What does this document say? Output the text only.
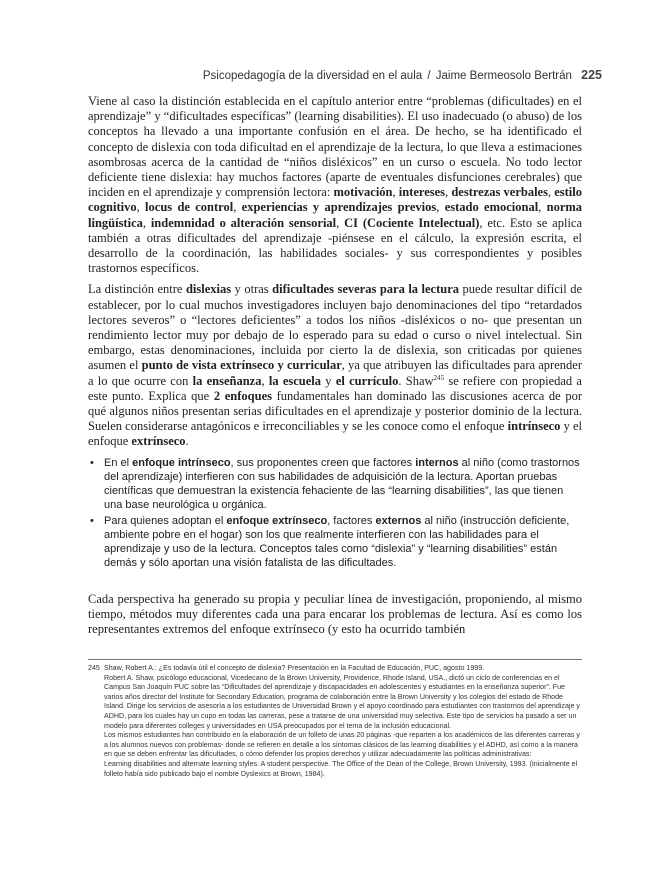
Psicopedagogía de la diversidad en el aula / Jaime Bermeosolo Bertrán 225

Viene al caso la distinción establecida en el capítulo anterior entre “problemas (dificultades) en el aprendizaje” y “dificultades específicas” (learning disabilities). El uso inadecuado (o abuso) de los conceptos ha llevado a una importante confusión en el área. De hecho, se ha identificado el concepto de dislexia con toda dificultad en el aprendizaje de la lectura, lo que lleva a estimaciones asombrosas acerca de la cantidad de “niños disléxicos” en un curso o escuela. No todo lector deficiente tiene dislexia: hay muchos factores (aparte de eventuales disfunciones cerebrales) que inciden en el aprendizaje y comprensión lectora: motivación, intereses, destrezas verbales, estilo cognitivo, locus de control, experiencias y aprendizajes previos, estado emocional, norma lingüística, indemnidad o alteración sensorial, CI (Cociente Intelectual), etc. Esto se aplica también a otras dificultades del aprendizaje -piénsese en el cálculo, la expresión escrita, el desarrollo de la coordinación, las habilidades sociales- y sus correspondientes y posibles trastornos específicos.

La distinción entre dislexias y otras dificultades severas para la lectura puede resultar difícil de establecer, por lo cual muchos investigadores incluyen bajo denominaciones del tipo “retardados lectores severos” o “lectores deficientes” a todos los niños -disléxicos o no- que presentan un rendimiento lector muy por debajo de lo esperado para su edad o curso o nivel intelectual. Sin embargo, estas denominaciones, incluida por cierto la de dislexia, son criticadas por quienes asumen el punto de vista extrínseco y curricular, ya que atribuyen las dificultades para aprender a lo que ocurre con la enseñanza, la escuela y el currículo. Shaw$^{245}$ se refiere con propiedad a este punto. Explica que 2 enfoques fundamentales han dominado las discusiones acerca de por qué algunos niños presentan serias dificultades en el aprendizaje y posterior dominio de la lectura. Suelen considerarse antagónicos e irreconciliables y se les conoce como el enfoque intrínseco y el enfoque extrínseco.

• En el enfoque intrínseco, sus proponentes creen que factores internos al niño (como trastornos del aprendizaje) interfieren con sus habilidades de adquisición de la lectura. Aportan pruebas científicas que demuestran la existencia fehaciente de las “learning disabilities”, las que tienen una base neurológica u orgánica.
• Para quienes adoptan el enfoque extrínseco, factores externos al niño (instrucción deficiente, ambiente pobre en el hogar) son los que realmente interfieren con las habilidades para el aprendizaje y uso de la lectura. Conceptos tales como “dislexia” y “learning disabilities” están demás y sólo aportan una visión fatalista de las dificultades.

Cada perspectiva ha generado su propia y peculiar línea de investigación, proponiendo, al mismo tiempo, métodos muy diferentes cada una para encarar los problemas de lectura. Así es como los representantes extremos del enfoque extrínseco (y esto ha ocurrido también

245 Shaw, Robert A.: ¿Es todavía útil el concepto de dislexia? Presentación en la Facultad de Educación, PUC, agosto 1999.
Robert A. Shaw, psicólogo educacional, Vicedecano de la Brown University, Providence, Rhode Island, USA., dictó un ciclo de conferencias en el Campus San Joaquín PUC sobre las “Dificultades del aprendizaje y discapacidades en adolescentes y estudiantes en la enseñanza superior”. Fue varios años director del Institute for Secondary Education, programa de colaboración entre la Brown University y los colegios del estado de Rhode Island. Dirige los servicios de asesoría a los estudiantes de Universidad Brown y el apoyo coordinado para estudiantes con trastornos del aprendizaje y ADHD, para los cuales hay un cupo en todas las carreras, pese a tratarse de una universidad muy selectiva. Este tipo de servicios ha pasado a ser un modelo para diferentes colleges y universidades en USA preocupados por el tema de la inclusión educacional.
Los mismos estudiantes han contribuido en la elaboración de un folleto de unas 20 páginas -que reparten a los académicos de las diferentes carreras y a los alumnos nuevos con problemas- donde se refieren en detalle a los síntomas clásicos de las learning disabilities y el ADHD, así como a la manera en que se deben enfrentar las dificultades, o cómo defender los propios derechos y utilizar adecuadamente las políticas administrativas:
Learning disabilities and alternate learning styles. A student perspective. The Office of the Dean of the College, Brown University, 1993. (Inicialmente el folleto había sido publicado bajo el nombre Dyslexics at Brown, 1984).
